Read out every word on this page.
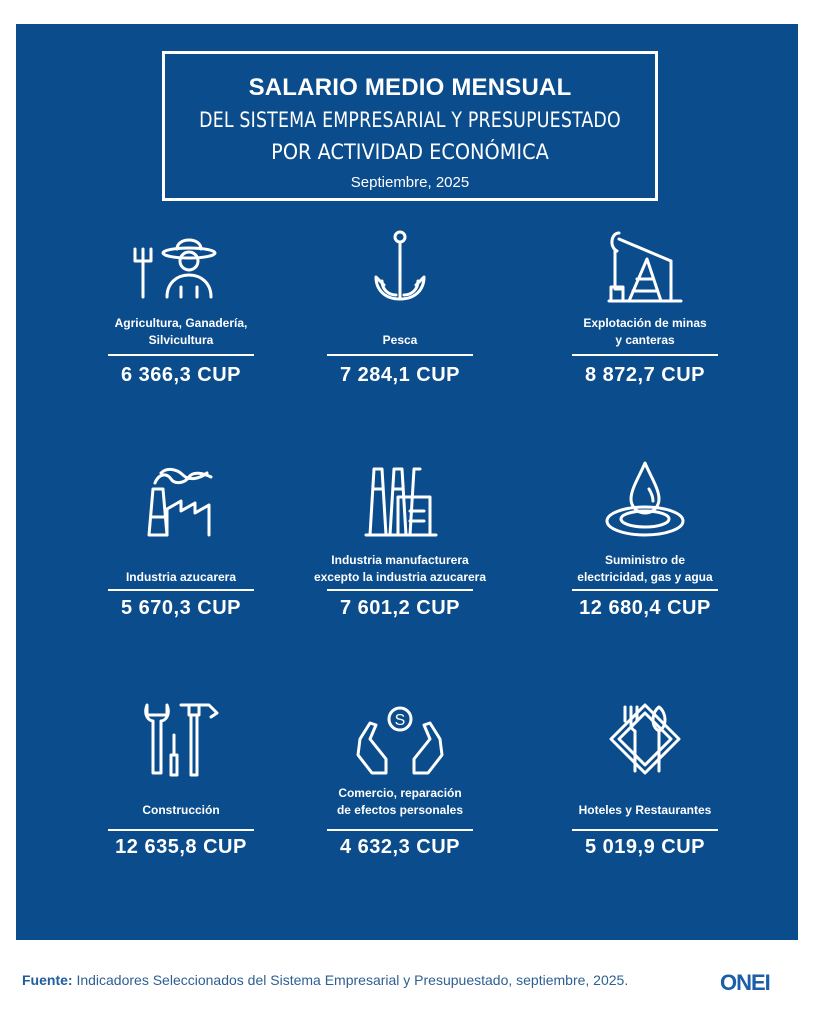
SALARIO MEDIO MENSUAL
DEL SISTEMA EMPRESARIAL Y PRESUPUESTADO
POR ACTIVIDAD ECONÓMICA
Septiembre, 2025
Agricultura, Ganadería,
Silvicultura
6 366,3 CUP
Pesca
7 284,1 CUP
Explotación de minas
y canteras
8 872,7 CUP
Industria azucarera
5 670,3 CUP
Industria manufacturera
excepto la industria azucarera
7 601,2 CUP
Suministro de
electricidad, gas y agua
12 680,4 CUP
Construcción
12 635,8 CUP
S
Comercio, reparación
de efectos personales
4 632,3 CUP
Hoteles y Restaurantes
5 019,9 CUP
Fuente: Indicadores Seleccionados del Sistema Empresarial y Presupuestado, septiembre, 2025.	ONEI
